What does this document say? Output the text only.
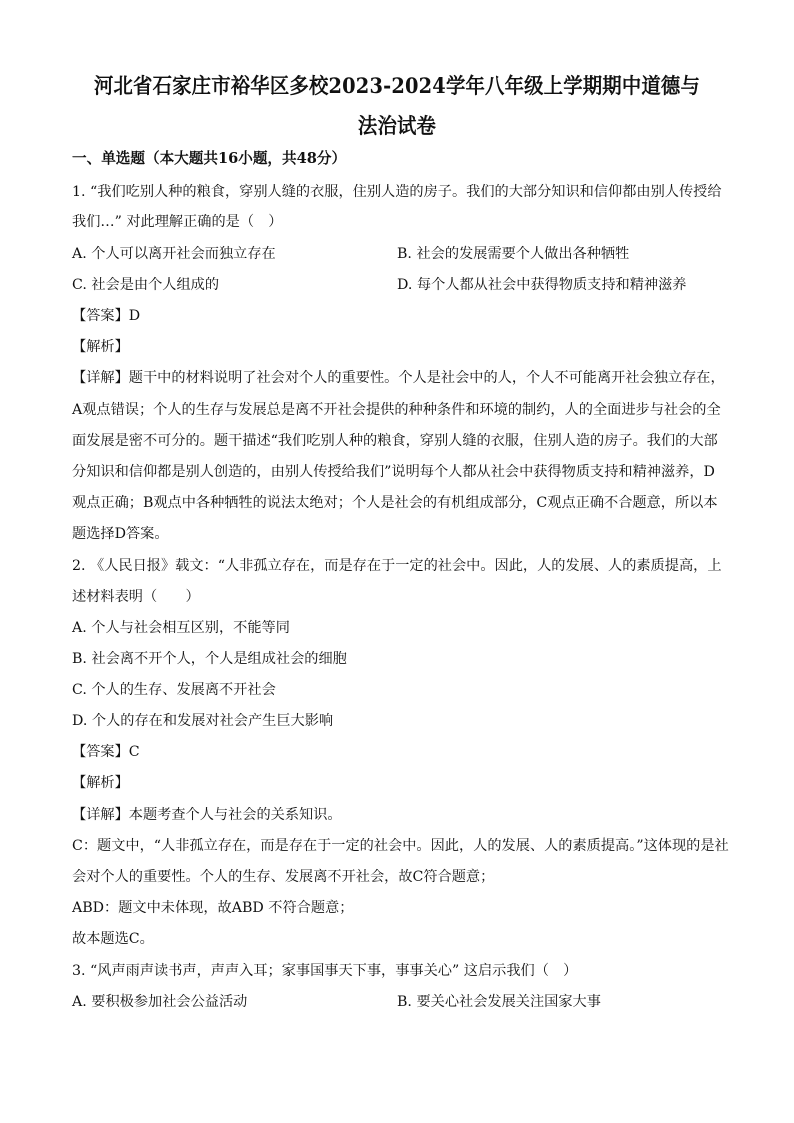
河北省石家庄市裕华区多校2023-2024学年八年级上学期期中道德与
法治试卷
一、单选题（本大题共16小题，共48分）
1. “我们吃别人种的粮食，穿别人缝的衣服，住别人造的房子。我们的大部分知识和信仰都由别人传授给
我们…” 对此理解正确的是（　）
A. 个人可以离开社会而独立存在	B. 社会的发展需要个人做出各种牺牲
C. 社会是由个人组成的	D. 每个人都从社会中获得物质支持和精神滋养
【答案】D
【解析】
【详解】题干中的材料说明了社会对个人的重要性。个人是社会中的人，个人不可能离开社会独立存在，
A观点错误；个人的生存与发展总是离不开社会提供的种种条件和环境的制约，人的全面进步与社会的全
面发展是密不可分的。题干描述“我们吃别人种的粮食，穿别人缝的衣服，住别人造的房子。我们的大部
分知识和信仰都是别人创造的，由别人传授给我们”说明每个人都从社会中获得物质支持和精神滋养，D
观点正确；B观点中各种牺牲的说法太绝对；个人是社会的有机组成部分，C观点正确不合题意，所以本
题选择D答案。
2. 《人民日报》载文：“人非孤立存在，而是存在于一定的社会中。因此，人的发展、人的素质提高，上
述材料表明（　　）
A. 个人与社会相互区别，不能等同
B. 社会离不开个人，个人是组成社会的细胞
C. 个人的生存、发展离不开社会
D. 个人的存在和发展对社会产生巨大影响
【答案】C
【解析】
【详解】本题考查个人与社会的关系知识。
C：题文中，“人非孤立存在，而是存在于一定的社会中。因此，人的发展、人的素质提高。”这体现的是社
会对个人的重要性。个人的生存、发展离不开社会，故C符合题意；
ABD：题文中未体现，故ABD 不符合题意；
故本题选C。
3. “风声雨声读书声，声声入耳；家事国事天下事，事事关心” 这启示我们（　）
A. 要积极参加社会公益活动	B. 要关心社会发展关注国家大事
